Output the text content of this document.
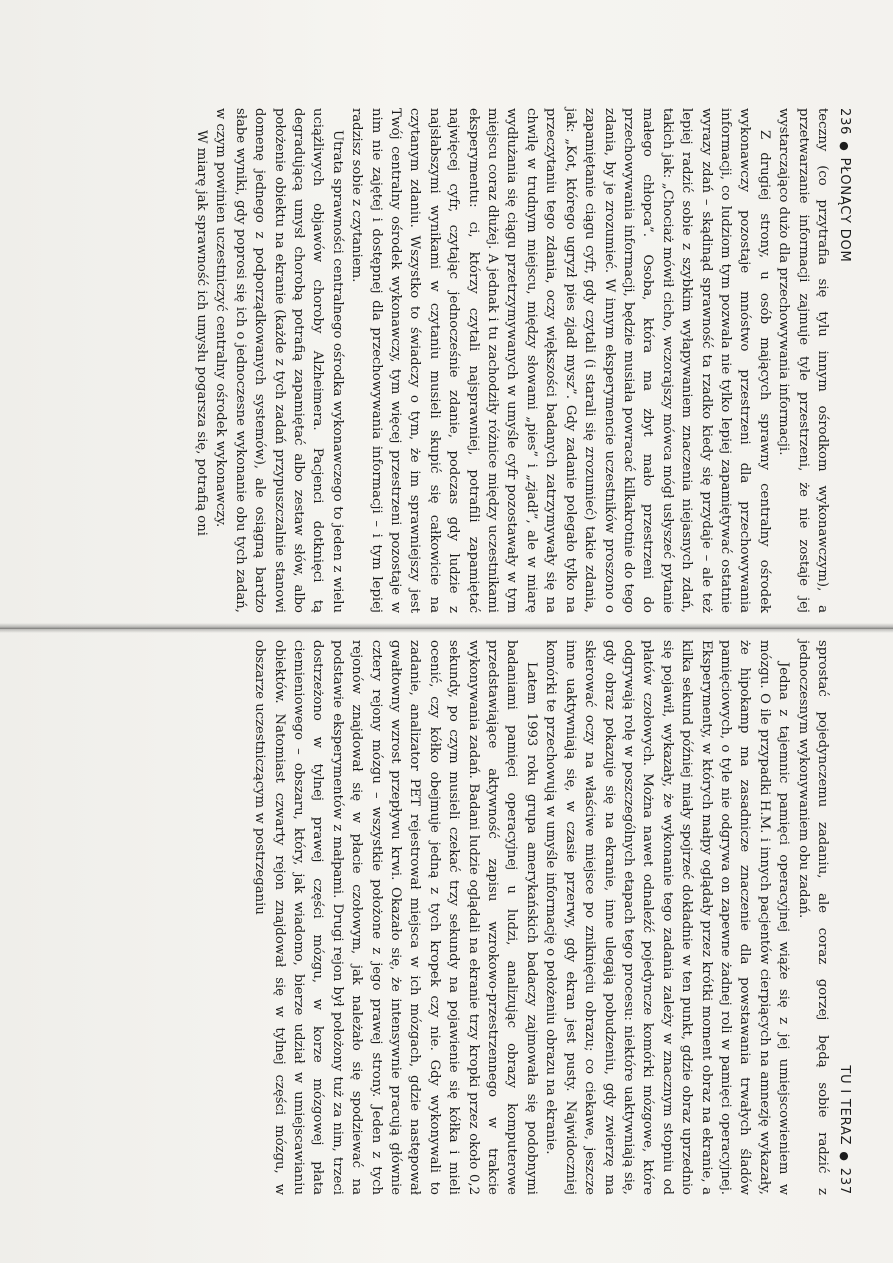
236
●
PŁONĄCY DOM

teczny (co przytrafia się tylu innym ośrodkom wykonawczym), a przetwarzanie informacji zajmuje tyle przestrzeni, że nie zostaje jej wystarczająco dużo dla przechowywania informacji.

Z drugiej strony, u osób mających sprawny centralny ośrodek wykonawczy pozostaje mnóstwo przestrzeni dla przechowywania informacji, co ludziom tym pozwala nie tylko lepiej zapamiętywać ostatnie wyrazy zdań – skądinąd sprawność ta rzadko kiedy się przydaje – ale też lepiej radzić sobie z szybkim wyłapywaniem znaczenia niejasnych zdań, takich jak: „Chociaż mówił cicho, wczorajszy mówca mógł usłyszeć pytanie małego chłopca”. Osoba, która ma zbyt mało przestrzeni do przechowywania informacji, będzie musiała powracać kilkakrotnie do tego zdania, by je zrozumieć. W innym eksperymencie uczestników proszono o zapamiętanie ciągu cyfr, gdy czytali (i starali się zrozumieć) takie zdania, jak: „Kot, którego ugryzł pies zjadł mysz”. Gdy zadanie polegało tylko na przeczytaniu tego zdania, oczy większości badanych zatrzymywały się na chwilę w trudnym miejscu, między słowami „pies” i „zjadł”, ale w miarę wydłużania się ciągu przetrzymywanych w umyśle cyfr pozostawały w tym miejscu coraz dłużej. A jednak i tu zachodziły różnice między uczestnikami eksperymentu: ci, którzy czytali najsprawniej, potrafili zapamiętać najwięcej cyfr, czytając jednocześnie zdanie, podczas gdy ludzie z najsłabszymi wynikami w czytaniu musieli skupić się całkowicie na czytanym zdaniu. Wszystko to świadczy o tym, że im sprawniejszy jest Twój centralny ośrodek wykonawczy, tym więcej przestrzeni pozostaje w nim nie zajętej i dostępnej dla przechowywania informacji – i tym lepiej radzisz sobie z czytaniem.

Utrata sprawności centralnego ośrodka wykonawczego to jeden z wielu uciążliwych objawów choroby Alzheimera. Pacjenci dotknięci tą degradującą umysł chorobą potrafią zapamiętać albo zestaw słów, albo położenie obiektu na ekranie (każde z tych zadań przypuszczalnie stanowi domenę jednego z podporządkowanych systemów), ale osiągną bardzo słabe wyniki, gdy poprosi się ich o jednoczesne wykonanie obu tych zadań, w czym powinien uczestniczyć centralny ośrodek wykonawczy.

W miarę jak sprawność ich umysłu pogarsza się, potrafią oni

TU I TERAZ
●
237

sprostać pojedynczemu zadaniu, ale coraz gorzej będą sobie radzić z jednoczesnym wykonywaniem obu zadań.

Jedna z tajemnic pamięci operacyjnej wiąże się z jej umiejscowieniem w mózgu. O ile przypadki H.M. i innych pacjentów cierpiących na amnezję wykazały, że hipokamp ma zasadnicze znaczenie dla powstawania trwałych śladów pamięciowych, o tyle nie odgrywa on zapewne żadnej roli w pamięci operacyjnej. Eksperymenty, w których małpy oglądały przez krótki moment obraz na ekranie, a kilka sekund później miały spojrzeć dokładnie w ten punkt, gdzie obraz uprzednio się pojawił, wykazały, że wykonanie tego zadania zależy w znacznym stopniu od płatów czołowych. Można nawet odnaleźć pojedyncze komórki mózgowe, które odgrywają rolę w poszczególnych etapach tego procesu: niektóre uaktywniają się, gdy obraz pokazuje się na ekranie, inne ulegają pobudzeniu, gdy zwierzę ma skierować oczy na właściwe miejsce po zniknięciu obrazu; co ciekawe, jeszcze inne uaktywniają się, w czasie przerwy, gdy ekran jest pusty. Najwidoczniej komórki te przechowują w umyśle informację o położeniu obrazu na ekranie.

Latem 1993 roku grupa amerykańskich badaczy zajmowała się podobnymi badaniami pamięci operacyjnej u ludzi, analizując obrazy komputerowe przedstawiające aktywność zapisu wzrokowo-przestrzennego w trakcie wykonywania zadań. Badani ludzie oglądali na ekranie trzy kropki przez około 0,2 sekundy, po czym musieli czekać trzy sekundy na pojawienie się kółka i mieli ocenić, czy kółko obejmuje jedną z tych kropek czy nie. Gdy wykonywali to zadanie, analizator PET rejestrował miejsca w ich mózgach, gdzie następował gwałtowny wzrost przepływu krwi. Okazało się, że intensywnie pracują głównie cztery rejony mózgu – wszystkie położone z jego prawej strony. Jeden z tych rejonów znajdował się w płacie czołowym, jak należało się spodziewać na podstawie eksperymentów z małpami. Drugi rejon był położony tuż za nim, trzeci dostrzeżono w tylnej prawej części mózgu, w korze mózgowej płata ciemieniowego – obszaru, który, jak wiadomo, bierze udział w umiejscawianiu obiektów. Natomiast czwarty rejon znajdował się w tylnej części mózgu, w obszarze uczestniczącym w postrzeganiu
